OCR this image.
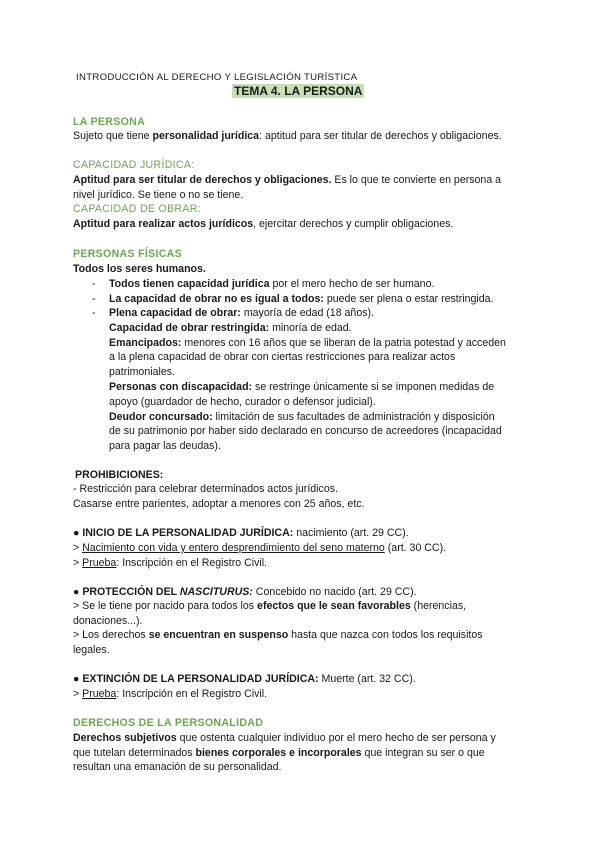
INTRODUCCIÓN AL DERECHO Y LEGISLACIÓN TURÍSTICA
TEMA 4. LA PERSONA
LA PERSONA
Sujeto que tiene personalidad jurídica: aptitud para ser titular de derechos y obligaciones.
CAPACIDAD JURÍDICA:
Aptitud para ser titular de derechos y obligaciones. Es lo que te convierte en persona a
nivel jurídico. Se tiene o no se tiene.
CAPACIDAD DE OBRAR:
Aptitud para realizar actos jurídicos, ejercitar derechos y cumplir obligaciones.
PERSONAS FÍSICAS
Todos los seres humanos.
- Todos tienen capacidad jurídica por el mero hecho de ser humano.
- La capacidad de obrar no es igual a todos: puede ser plena o estar restringida.
- Plena capacidad de obrar: mayoría de edad (18 años).
Capacidad de obrar restringida: minoría de edad.
Emancipados: menores con 16 años que se liberan de la patria potestad y acceden
a la plena capacidad de obrar con ciertas restricciones para realizar actos
patrimoniales.
Personas con discapacidad: se restringe únicamente si se imponen medidas de
apoyo (guardador de hecho, curador o defensor judicial).
Deudor concursado: limitación de sus facultades de administración y disposición
de su patrimonio por haber sido declarado en concurso de acreedores (incapacidad
para pagar las deudas).
PROHIBICIONES:
- Restricción para celebrar determinados actos jurídicos.
Casarse entre parientes, adoptar a menores con 25 años, etc.
● INICIO DE LA PERSONALIDAD JURÍDICA: nacimiento (art. 29 CC).
> Nacimiento con vida y entero desprendimiento del seno materno (art. 30 CC).
> Prueba: Inscripción en el Registro Civil.
● PROTECCIÓN DEL NASCITURUS: Concebido no nacido (art. 29 CC).
> Se le tiene por nacido para todos los efectos que le sean favorables (herencias,
donaciones...).
> Los derechos se encuentran en suspenso hasta que nazca con todos los requisitos
legales.
● EXTINCIÓN DE LA PERSONALIDAD JURÍDICA: Muerte (art. 32 CC).
> Prueba: Inscripción en el Registro Civil.
DERECHOS DE LA PERSONALIDAD
Derechos subjetivos que ostenta cualquier individuo por el mero hecho de ser persona y
que tutelan determinados bienes corporales e incorporales que integran su ser o que
resultan una emanación de su personalidad.
